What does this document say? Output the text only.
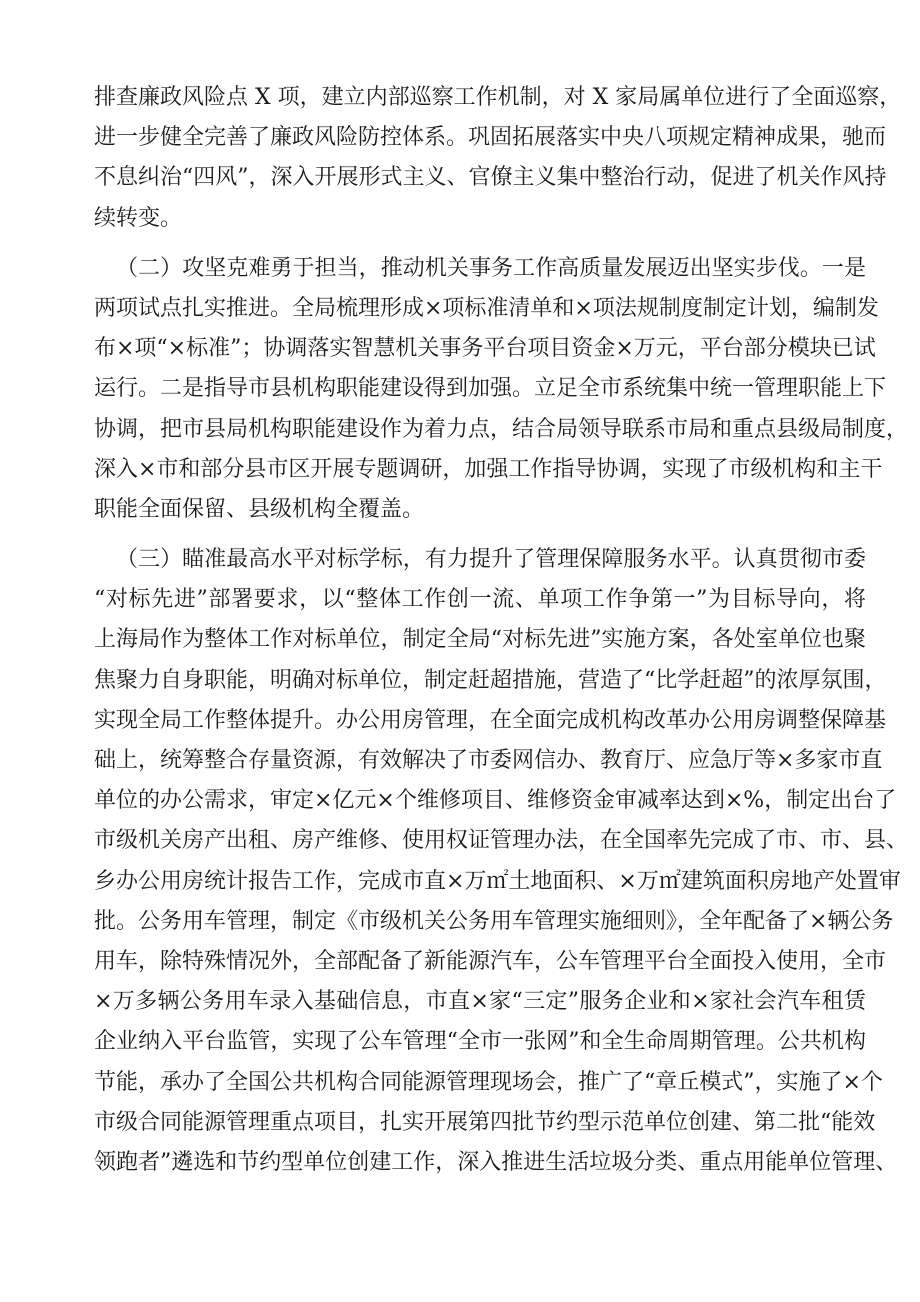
排查廉政风险点 X 项，建立内部巡察工作机制，对 X 家局属单位进行了全面巡察，
进一步健全完善了廉政风险防控体系。巩固拓展落实中央八项规定精神成果，驰而
不息纠治“四风”，深入开展形式主义、官僚主义集中整治行动，促进了机关作风持
续转变。
（二）攻坚克难勇于担当，推动机关事务工作高质量发展迈出坚实步伐。一是
两项试点扎实推进。全局梳理形成×项标准清单和×项法规制度制定计划，编制发
布×项“×标准”；协调落实智慧机关事务平台项目资金×万元，平台部分模块已试
运行。二是指导市县机构职能建设得到加强。立足全市系统集中统一管理职能上下
协调，把市县局机构职能建设作为着力点，结合局领导联系市局和重点县级局制度，
深入×市和部分县市区开展专题调研，加强工作指导协调，实现了市级机构和主干
职能全面保留、县级机构全覆盖。
（三）瞄准最高水平对标学标，有力提升了管理保障服务水平。认真贯彻市委
“对标先进”部署要求，以“整体工作创一流、单项工作争第一”为目标导向，将
上海局作为整体工作对标单位，制定全局“对标先进”实施方案，各处室单位也聚
焦聚力自身职能，明确对标单位，制定赶超措施，营造了“比学赶超”的浓厚氛围，
实现全局工作整体提升。办公用房管理，在全面完成机构改革办公用房调整保障基
础上，统筹整合存量资源，有效解决了市委网信办、教育厅、应急厅等×多家市直
单位的办公需求，审定×亿元×个维修项目、维修资金审减率达到×%，制定出台了
市级机关房产出租、房产维修、使用权证管理办法，在全国率先完成了市、市、县、
乡办公用房统计报告工作，完成市直×万㎡土地面积、×万㎡建筑面积房地产处置审
批。公务用车管理，制定《市级机关公务用车管理实施细则》，全年配备了×辆公务
用车，除特殊情况外，全部配备了新能源汽车，公车管理平台全面投入使用，全市
×万多辆公务用车录入基础信息，市直×家“三定”服务企业和×家社会汽车租赁
企业纳入平台监管，实现了公车管理“全市一张网”和全生命周期管理。公共机构
节能，承办了全国公共机构合同能源管理现场会，推广了“章丘模式”，实施了×个
市级合同能源管理重点项目，扎实开展第四批节约型示范单位创建、第二批“能效
领跑者”遴选和节约型单位创建工作，深入推进生活垃圾分类、重点用能单位管理、
